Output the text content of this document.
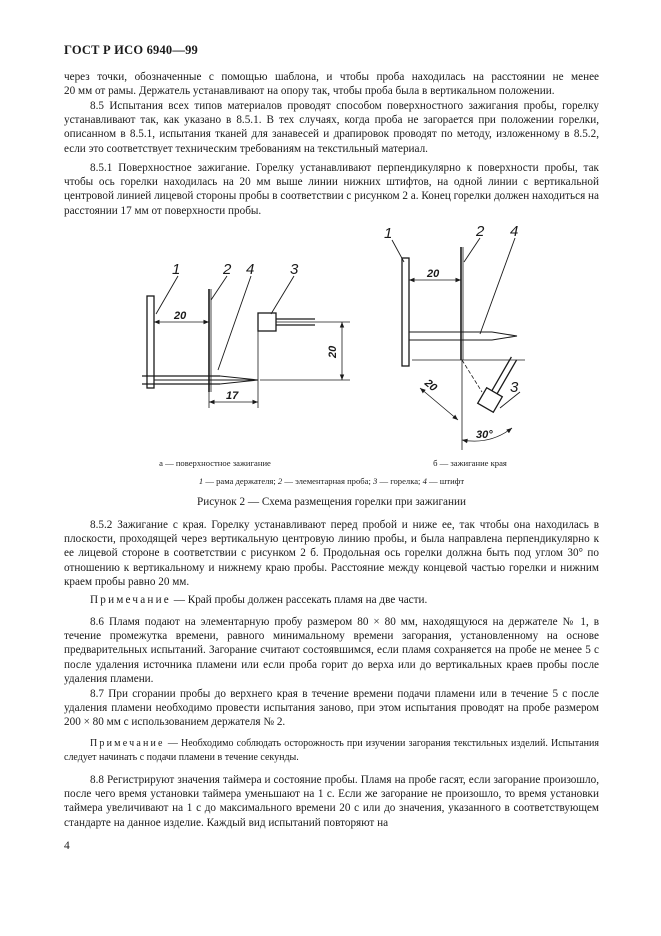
ГОСТ Р ИСО 6940—99

через точки, обозначенные с помощью шаблона, и чтобы проба находилась на расстоянии не менее

20 мм от рамы. Держатель устанавливают на опору так, чтобы проба была в вертикальном положении.

8.5 Испытания всех типов материалов проводят способом поверхностного зажигания пробы, горелку устанавливают так, как указано в 8.5.1. В тех случаях, когда проба не загорается при положении горелки, описанном в 8.5.1, испытания тканей для занавесей и драпировок проводят по методу, изложенному в 8.5.2, если это соответствует техническим требованиям на текстильный материал.
8.5.1 Поверхностное зажигание. Горелку устанавливают перпендикулярно к поверхности пробы, так чтобы ось горелки находилась на 20 мм выше линии нижних штифтов, на одной линии с вертикальной центровой линией лицевой стороны пробы в соответствии с рисунком 2 а. Конец горелки должен находиться на расстоянии 17 мм от поверхности пробы.
1	2 4 3
1	2 4
3
20
20
17
20
20
30°
а — поверхностное зажигание	б — зажигание края
1 — рама держателя; 2 — элементарная проба; 3 — горелка; 4 — штифт
Рисунок 2 — Схема размещения горелки при зажигании
8.5.2 Зажигание с края. Горелку устанавливают перед пробой и ниже ее, так чтобы она находилась в плоскости, проходящей через вертикальную центровую линию пробы, и была направлена перпендикулярно к ее лицевой стороне в соответствии с рисунком 2 б. Продольная ось горелки должна быть под углом 30° по отношению к вертикальному и нижнему краю пробы. Расстояние между концевой частью горелки и нижним краем пробы равно 20 мм.
Примечание — Край пробы должен рассекать пламя на две части.
8.6 Пламя подают на элементарную пробу размером 80 × 80 мм, находящуюся на держателе № 1, в течение промежутка времени, равного минимальному времени загорания, установленному на основе предварительных испытаний. Загорание считают состоявшимся, если пламя сохраняется на пробе не менее 5 с после удаления источника пламени или если проба горит до верха или до вертикальных краев пробы после удаления пламени.
8.7 При сгорании пробы до верхнего края в течение времени подачи пламени или в течение 5 с после удаления пламени необходимо провести испытания заново, при этом испытания проводят на пробе размером 200 × 80 мм с использованием держателя № 2.
Примечание — Необходимо соблюдать осторожность при изучении загорания текстильных изделий. Испытания следует начинать с подачи пламени в течение секунды.
8.8 Регистрируют значения таймера и состояние пробы. Пламя на пробе гасят, если загорание произошло, после чего время установки таймера уменьшают на 1 с. Если же загорание не произошло, то время установки таймера увеличивают на 1 с до максимального времени 20 с или до значения, указанного в соответствующем стандарте на данное изделие. Каждый вид испытаний повторяют на
4
